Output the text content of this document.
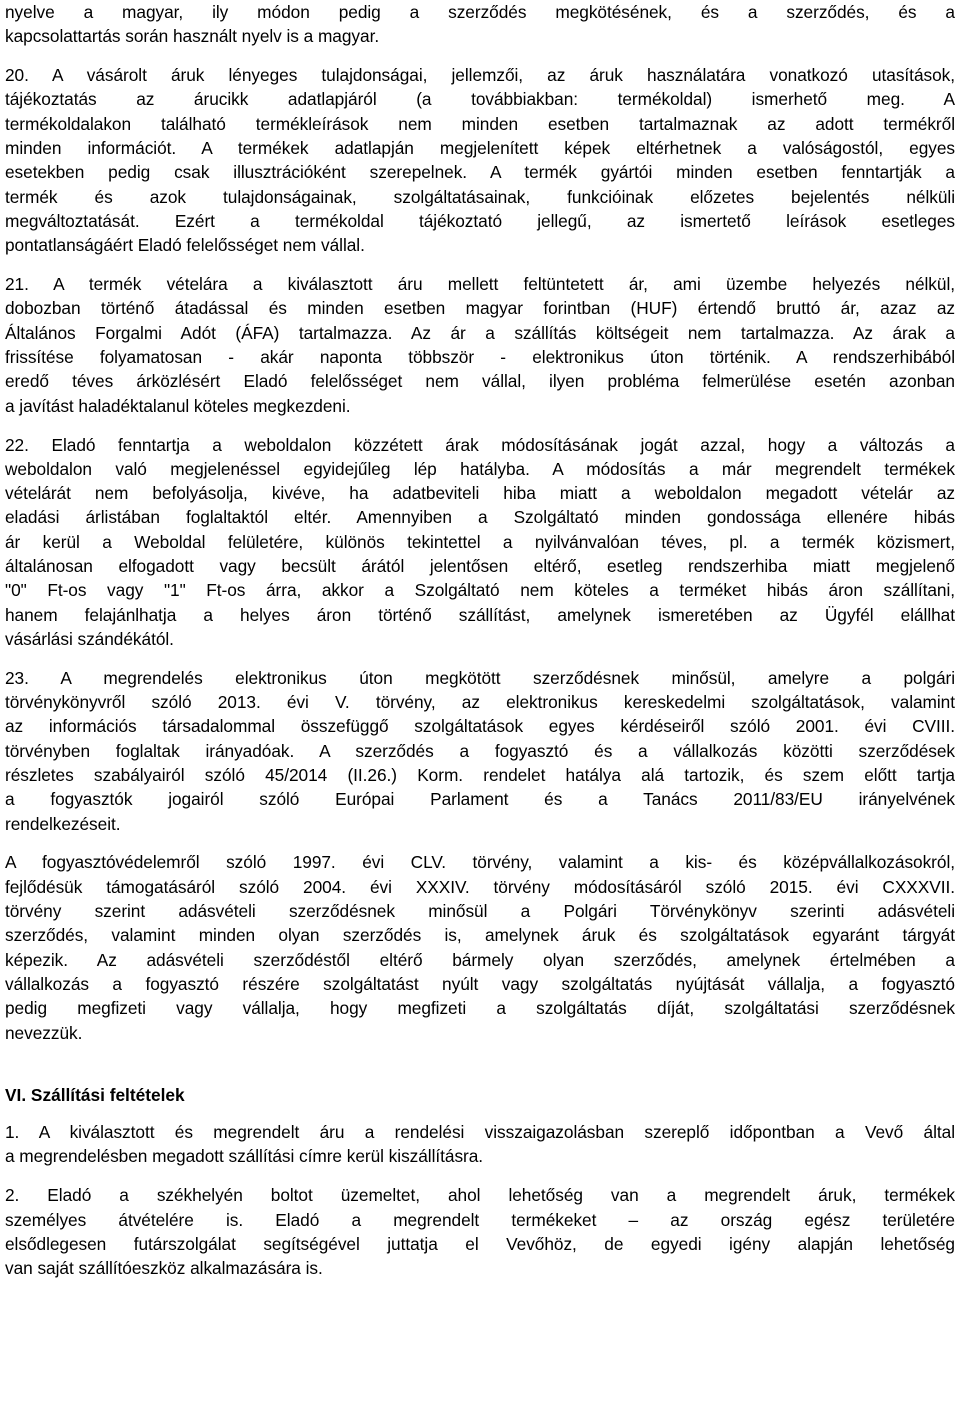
nyelve a magyar, ily módon pedig a szerződés megkötésének, és a szerződés, és a
kapcsolattartás során használt nyelv is a magyar.
20. A vásárolt áruk lényeges tulajdonságai, jellemzői, az áruk használatára vonatkozó utasítások,
tájékoztatás az árucikk adatlapjáról (a továbbiakban: termékoldal) ismerhető meg. A
termékoldalakon található termékleírások nem minden esetben tartalmaznak az adott termékről
minden információt. A termékek adatlapján megjelenített képek eltérhetnek a valóságostól, egyes
esetekben pedig csak illusztrációként szerepelnek. A termék gyártói minden esetben fenntartják a
termék és azok tulajdonságainak, szolgáltatásainak, funkcióinak előzetes bejelentés nélküli
megváltoztatását. Ezért a termékoldal tájékoztató jellegű, az ismertető leírások esetleges
pontatlanságáért Eladó felelősséget nem vállal.
21. A termék vételára a kiválasztott áru mellett feltüntetett ár, ami üzembe helyezés nélkül,
dobozban történő átadással és minden esetben magyar forintban (HUF) értendő bruttó ár, azaz az
Általános Forgalmi Adót (ÁFA) tartalmazza. Az ár a szállítás költségeit nem tartalmazza. Az árak a
frissítése folyamatosan - akár naponta többször - elektronikus úton történik. A rendszerhibából
eredő téves árközlésért Eladó felelősséget nem vállal, ilyen probléma felmerülése esetén azonban
a javítást haladéktalanul köteles megkezdeni.
22. Eladó fenntartja a weboldalon közzétett árak módosításának jogát azzal, hogy a változás a
weboldalon való megjelenéssel egyidejűleg lép hatályba. A módosítás a már megrendelt termékek
vételárát nem befolyásolja, kivéve, ha adatbeviteli hiba miatt a weboldalon megadott vételár az
eladási árlistában foglaltaktól eltér. Amennyiben a Szolgáltató minden gondossága ellenére hibás
ár kerül a Weboldal felületére, különös tekintettel a nyilvánvalóan téves, pl. a termék közismert,
általánosan elfogadott vagy becsült árától jelentősen eltérő, esetleg rendszerhiba miatt megjelenő
"0" Ft-os vagy "1" Ft-os árra, akkor a Szolgáltató nem köteles a terméket hibás áron szállítani,
hanem felajánlhatja a helyes áron történő szállítást, amelynek ismeretében az Ügyfél elállhat
vásárlási szándékától.
23. A megrendelés elektronikus úton megkötött szerződésnek minősül, amelyre a polgári
törvénykönyvről szóló 2013. évi V. törvény, az elektronikus kereskedelmi szolgáltatások, valamint
az információs társadalommal összefüggő szolgáltatások egyes kérdéseiről szóló 2001. évi CVIII.
törvényben foglaltak irányadóak. A szerződés a fogyasztó és a vállalkozás közötti szerződések
részletes szabályairól szóló 45/2014 (II.26.) Korm. rendelet hatálya alá tartozik, és szem előtt tartja
a fogyasztók jogairól szóló Európai Parlament és a Tanács 2011/83/EU irányelvének
rendelkezéseit.
A fogyasztóvédelemről szóló 1997. évi CLV. törvény, valamint a kis- és középvállalkozásokról,
fejlődésük támogatásáról szóló 2004. évi XXXIV. törvény módosításáról szóló 2015. évi CXXXVII.
törvény szerint adásvételi szerződésnek minősül a Polgári Törvénykönyv szerinti adásvételi
szerződés, valamint minden olyan szerződés is, amelynek áruk és szolgáltatások egyaránt tárgyát
képezik. Az adásvételi szerződéstől eltérő bármely olyan szerződés, amelynek értelmében a
vállalkozás a fogyasztó részére szolgáltatást nyúlt vagy szolgáltatás nyújtását vállalja, a fogyasztó
pedig megfizeti vagy vállalja, hogy megfizeti a szolgáltatás díját, szolgáltatási szerződésnek
nevezzük.
VI. Szállítási feltételek
1. A kiválasztott és megrendelt áru a rendelési visszaigazolásban szereplő időpontban a Vevő által
a megrendelésben megadott szállítási címre kerül kiszállításra.
2. Eladó a székhelyén boltot üzemeltet, ahol lehetőség van a megrendelt áruk, termékek
személyes átvételére is. Eladó a megrendelt termékeket – az ország egész területére
elsődlegesen futárszolgálat segítségével juttatja el Vevőhöz, de egyedi igény alapján lehetőség
van saját szállítóeszköz alkalmazására is.
